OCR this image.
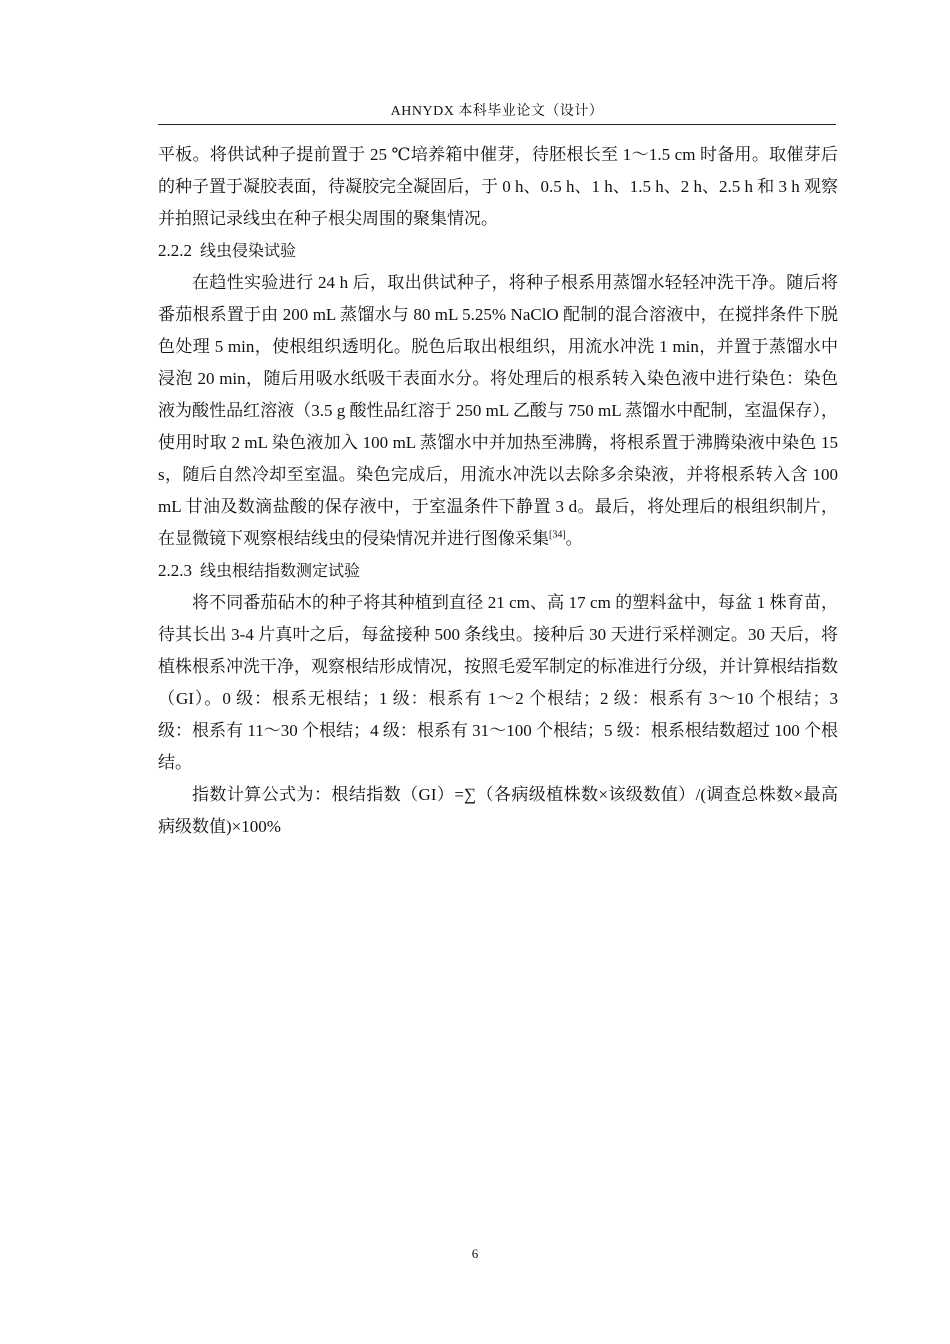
AHNYDX 本科毕业论文（设计）

平板。将供试种子提前置于 25 ℃培养箱中催芽，待胚根长至 1～1.5 cm 时备用。取催芽后的种子置于凝胶表面，待凝胶完全凝固后，于 0 h、0.5 h、1 h、1.5 h、2 h、2.5 h 和 3 h 观察并拍照记录线虫在种子根尖周围的聚集情况。

2.2.2 线虫侵染试验

在趋性实验进行 24 h 后，取出供试种子，将种子根系用蒸馏水轻轻冲洗干净。随后将番茄根系置于由 200 mL 蒸馏水与 80 mL 5.25% NaClO 配制的混合溶液中，在搅拌条件下脱色处理 5 min，使根组织透明化。脱色后取出根组织，用流水冲洗 1 min，并置于蒸馏水中浸泡 20 min，随后用吸水纸吸干表面水分。将处理后的根系转入染色液中进行染色：染色液为酸性品红溶液（3.5 g 酸性品红溶于 250 mL 乙酸与 750 mL 蒸馏水中配制，室温保存），使用时取 2 mL 染色液加入 100 mL 蒸馏水中并加热至沸腾，将根系置于沸腾染液中染色 15 s，随后自然冷却至室温。染色完成后，用流水冲洗以去除多余染液，并将根系转入含 100 mL 甘油及数滴盐酸的保存液中，于室温条件下静置 3 d。最后，将处理后的根组织制片，在显微镜下观察根结线虫的侵染情况并进行图像采集[34]。

2.2.3 线虫根结指数测定试验

将不同番茄砧木的种子将其种植到直径 21 cm、高 17 cm 的塑料盆中，每盆 1 株育苗，待其长出 3-4 片真叶之后，每盆接种 500 条线虫。接种后 30 天进行采样测定。30 天后，将植株根系冲洗干净，观察根结形成情况，按照毛爱军制定的标准进行分级，并计算根结指数（GI）。0 级：根系无根结；1 级：根系有 1～2 个根结；2 级：根系有 3～10 个根结；3 级：根系有 11～30 个根结；4 级：根系有 31～100 个根结；5 级：根系根结数超过 100 个根结。

指数计算公式为：根结指数（GI）=∑（各病级植株数×该级数值）/(调查总株数×最高病级数值)×100%

6
